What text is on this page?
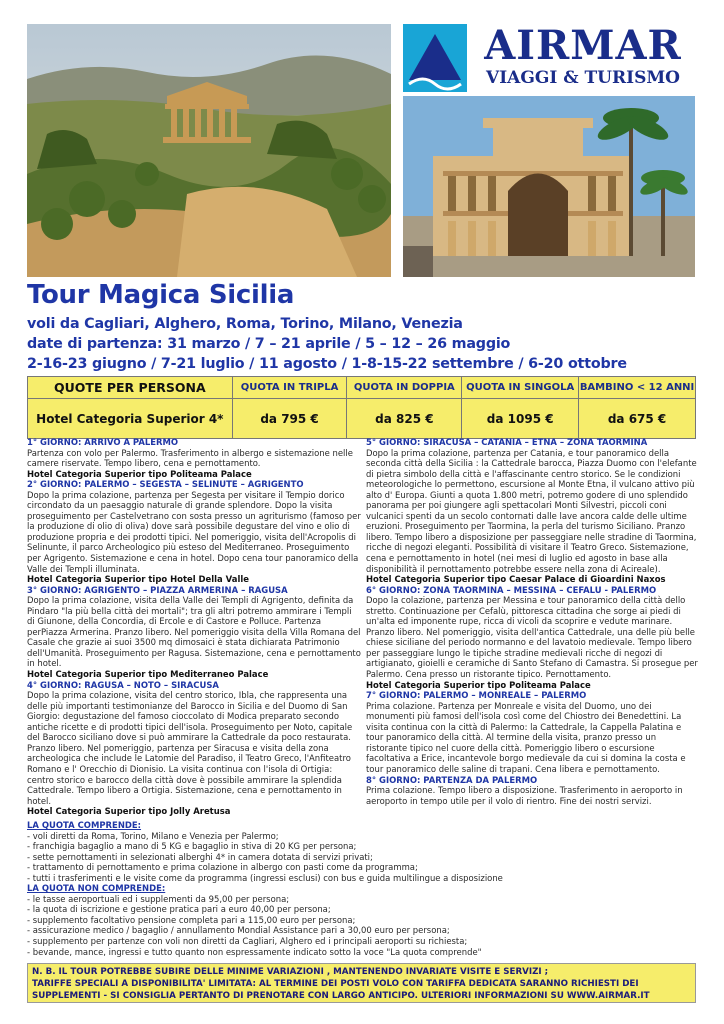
AIRMAR
VIAGGI & TURISMO
Tour Magica Sicilia
voli da Cagliari, Alghero, Roma, Torino, Milano, Venezia
date di partenza: 31 marzo / 7 – 21 aprile / 5 – 12 – 26 maggio
2-16-23 giugno / 7-21 luglio / 11 agosto / 1-8-15-22 settembre / 6-20 ottobre
QUOTE PER PERSONA	QUOTA IN TRIPLA	QUOTA IN DOPPIA	QUOTA IN SINGOLA	BAMBINO < 12 ANNI
Hotel Categoria Superior 4*	da 795 €	da 825 €	da 1095 €	da 675 €
1° GIORNO: ARRIVO A PALERMO
Partenza con volo per Palermo. Trasferimento in albergo e sistemazione nelle camere riservate. Tempo libero, cena e pernottamento.
Hotel Categoria Superior tipo Politeama Palace
2° GIORNO: PALERMO – SEGESTA – SELINUTE – AGRIGENTO
Dopo la prima colazione, partenza per Segesta per visitare il Tempio dorico circondato da un paesaggio naturale di grande splendore. Dopo la visita proseguimento per Castelvetrano con sosta presso un agriturismo (famoso per la produzione di olio di oliva) dove sarà possibile degustare del vino e olio di produzione propria e dei prodotti tipici. Nel pomeriggio, visita dell'Acropolis di Selinunte, il parco Archeologico più esteso del Mediterraneo. Proseguimento per Agrigento. Sistemazione e cena in hotel. Dopo cena tour panoramico della Valle dei Templi illuminata.
Hotel Categoria Superior tipo Hotel Della Valle
3° GIORNO: AGRIGENTO – PIAZZA ARMERINA – RAGUSA
Dopo la prima colazione, visita della Valle dei Templi di Agrigento, definita da Pindaro "la più bella città dei mortali"; tra gli altri potremo ammirare i Templi di Giunone, della Concordia, di Ercole e di Castore e Polluce. Partenza perPiazza Armerina. Pranzo libero. Nel pomeriggio visita della Villa Romana del Casale che grazie ai suoi 3500 mq dimosaici è stata dichiarata Patrimonio dell'Umanità. Proseguimento per Ragusa. Sistemazione, cena e pernottamento in hotel.
Hotel Categoria Superior tipo Mediterraneo Palace
4° GIORNO: RAGUSA – NOTO – SIRACUSA
Dopo la prima colazione, visita del centro storico, Ibla, che rappresenta una delle più importanti testimonianze del Barocco in Sicilia e del Duomo di San Giorgio: degustazione del famoso cioccolato di Modica preparato secondo antiche ricette e di prodotti tipici dell'isola. Proseguimento per Noto, capitale del Barocco siciliano dove si può ammirare la Cattedrale da poco restaurata. Pranzo libero. Nel pomeriggio, partenza per Siracusa e visita della zona archeologica che include le Latomie del Paradiso, il Teatro Greco, l'Anfiteatro Romano e l' Orecchio di Dionisio. La visita continua con l'isola di Ortigia: centro storico e barocco della città dove è possibile ammirare la splendida Cattedrale. Tempo libero a Ortigia. Sistemazione, cena e pernottamento in hotel.
Hotel Categoria Superior tipo Jolly Aretusa
5° GIORNO: SIRACUSA – CATANIA – ETNA – ZONA TAORMINA
Dopo la prima colazione, partenza per Catania, e tour panoramico della seconda città della Sicilia : la Cattedrale barocca, Piazza Duomo con l'elefante di pietra simbolo della città e l'affascinante centro storico. Se le condizioni meteorologiche lo permettono, escursione al Monte Etna, il vulcano attivo più alto d' Europa. Giunti a quota 1.800 metri, potremo godere di uno splendido panorama per poi giungere agli spettacolari Monti Silvestri, piccoli coni vulcanici spenti da un secolo contornati dalle lave ancora calde delle ultime eruzioni. Proseguimento per Taormina, la perla del turismo Siciliano. Pranzo libero. Tempo libero a disposizione per passeggiare nelle stradine di Taormina, ricche di negozi eleganti. Possibilità di visitare il Teatro Greco. Sistemazione, cena e pernottamento in hotel (nei mesi di luglio ed agosto in base alla disponibilità il pernottamento potrebbe essere nella zona di Acireale).
Hotel Categoria Superior tipo Caesar Palace di Gioardini Naxos
6° GIORNO: ZONA TAORMINA – MESSINA – CEFALU - PALERMO
Dopo la colazione, partenza per Messina e tour panoramico della città dello stretto. Continuazione per Cefalù, pittoresca cittadina che sorge ai piedi di un'alta ed imponente rupe, ricca di vicoli da scoprire e vedute marinare. Pranzo libero. Nel pomeriggio, visita dell'antica Cattedrale, una delle più belle chiese siciliane del periodo normanno e del lavatoio medievale. Tempo libero per passeggiare lungo le tipiche stradine medievali ricche di negozi di artigianato, gioielli e ceramiche di Santo Stefano di Camastra. Si prosegue per Palermo. Cena presso un ristorante tipico. Pernottamento.
Hotel Categoria Superior tipo Politeama Palace
7° GIORNO: PALERMO – MONREALE – PALERMO
Prima colazione. Partenza per Monreale e visita del Duomo, uno dei monumenti più famosi dell'isola così come del Chiostro dei Benedettini. La visita continua con la città di Palermo: la Cattedrale, la Cappella Palatina e tour panoramico della città. Al termine della visita, pranzo presso un ristorante tipico nel cuore della città. Pomeriggio libero o escursione facoltativa a Erice, incantevole borgo medievale da cui si domina la costa e tour panoramico delle saline di trapani. Cena libera e pernottamento.
8° GIORNO: PARTENZA DA PALERMO
Prima colazione. Tempo libero a disposizione. Trasferimento in aeroporto in aeroporto in tempo utile per il volo di rientro. Fine dei nostri servizi.
LA QUOTA COMPRENDE:
- voli diretti da Roma, Torino, Milano e Venezia per Palermo;
- franchigia bagaglio a mano di 5 KG e bagaglio in stiva di 20 KG per persona;
- sette pernottamenti in selezionati alberghi 4* in camera dotata di servizi privati;
- trattamento di pernottamento e prima colazione in albergo con pasti come da programma;
- tutti i trasferimenti e le visite come da programma (ingressi esclusi) con bus e guida multilingue a disposizione
LA QUOTA NON COMPRENDE:
- le tasse aeroportuali ed i supplementi da 95,00 per persona;
- la quota di iscrizione e gestione pratica pari a euro 40,00 per persona;
- supplemento facoltativo pensione completa pari a 115,00 euro per persona;
- assicurazione medico / bagaglio / annullamento Mondial Assistance pari a 30,00 euro per persona;
- supplemento per partenze con voli non diretti da Cagliari, Alghero ed i principali aeroporti su richiesta;
- bevande, mance, ingressi e tutto quanto non espressamente indicato sotto la voce "La quota comprende"
N. B. IL TOUR POTREBBE SUBIRE DELLE MINIME VARIAZIONI , MANTENENDO INVARIATE VISITE E SERVIZI ;
TARIFFE SPECIALI A DISPONIBILITA' LIMITATA: AL TERMINE DEI POSTI VOLO CON TARIFFA DEDICATA SARANNO RICHIESTI DEI
SUPPLEMENTI - SI CONSIGLIA PERTANTO DI PRENOTARE CON LARGO ANTICIPO. ULTERIORI INFORMAZIONI SU WWW.AIRMAR.IT
